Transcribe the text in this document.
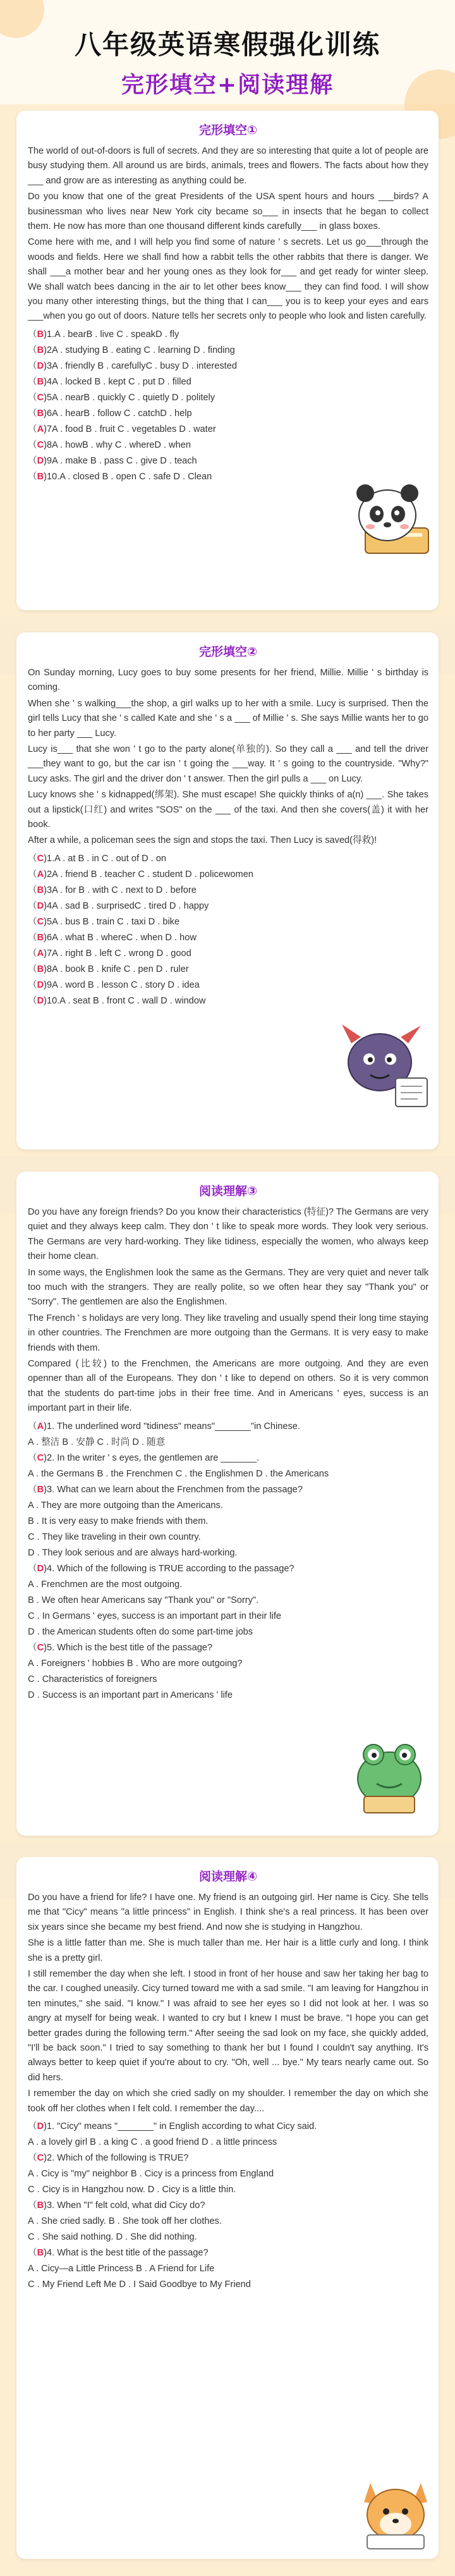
八年级英语寒假强化训练
完形填空+阅读理解
完形填空①

The world of out-of-doors is full of secrets. And they are so interesting that quite a lot of people are busy studying them. All around us are birds, animals, trees and flowers. The facts about how they ___ and grow are as interesting as anything could be.

Do you know that one of the great Presidents of the USA spent hours and hours ___birds? A businessman who lives near New York city became so___ in insects that he began to collect them. He now has more than one thousand different kinds carefully___ in glass boxes.

Come here with me, and I will help you find some of nature ' s secrets. Let us go___through the woods and fields. Here we shall find how a rabbit tells the other rabbits that there is danger. We shall ___a mother bear and her young ones as they look for___ and get ready for winter sleep. We shall watch bees dancing in the air to let other bees know___ they can find food. I will show you many other interesting things, but the thing that I can___ you is to keep your eyes and ears ___when you go out of doors. Nature tells her secrets only to people who look and listen carefully.

（B)1.A . bearB . live C . speakD . fly
（B)2A . studying B . eating C . learning D . finding
（D)3A . friendly B . carefullyC . busy D . interested
（B)4A . locked B . kept C . put D . filled
（C)5A . nearB . quickly C . quietly D . politely
（B)6A . hearB . follow C . catchD . help
（A)7A . food B . fruit C . vegetables D . water
（C)8A . howB . why C . whereD . when
（D)9A . make B . pass C . give D . teach
（B)10.A . closed B . open C . safe D . Clean
完形填空②

On Sunday morning, Lucy goes to buy some presents for her friend, Millie. Millie ' s birthday is coming.

When she ' s walking___the shop, a girl walks up to her with a smile. Lucy is surprised. Then the girl tells Lucy that she ' s called Kate and she ' s a ___ of Millie ' s. She says Millie wants her to go to her party ___ Lucy.

Lucy is___ that she won ' t go to the party alone(单独的). So they call a ___ and tell the driver ___they want to go, but the car isn ' t going the ___way. It ' s going to the countryside. "Why?" Lucy asks. The girl and the driver don ' t answer. Then the girl pulls a ___ on Lucy.

Lucy knows she ' s kidnapped(绑架). She must escape! She quickly thinks of a(n) ___. She takes out a lipstick(口红) and writes "SOS" on the ___ of the taxi. And then she covers(盖) it with her book.

After a while, a policeman sees the sign and stops the taxi. Then Lucy is saved(得救)!

（C)1.A . at B . in C . out of D . on
（A)2A . friend B . teacher C . student D . policewomen
（B)3A . for B . with C . next to D . before
（D)4A . sad B . surprisedC . tired D . happy
（C)5A . bus B . train C . taxi D . bike
（B)6A . what B . whereC . when D . how
（A)7A . right B . left C . wrong D . good
（B)8A . book B . knife C . pen D . ruler
（D)9A . word B . lesson C . story D . idea
（D)10.A . seat B . front C . wall D . window
阅读理解③

Do you have any foreign friends? Do you know their characteristics (特征)? The Germans are very quiet and they always keep calm. They don ' t like to speak more words. They look very serious. The Germans are very hard-working. They like tidiness, especially the women, who always keep their home clean.

In some ways, the Englishmen look the same as the Germans. They are very quiet and never talk too much with the strangers. They are really polite, so we often hear they say "Thank you" or "Sorry". The gentlemen are also the Englishmen.

The French ' s holidays are very long. They like traveling and usually spend their long time staying in other countries. The Frenchmen are more outgoing than the Germans. It is very easy to make friends with them.

Compared (比较) to the Frenchmen, the Americans are more outgoing. And they are even openner than all of the Europeans. They don ' t like to depend on others. So it is very common that the students do part-time jobs in their free time. And in Americans ' eyes, success is an important part in their life.

（A)1. The underlined word "tidiness" means"_______"in Chinese.
A . 整洁 B . 安静 C . 时尚 D . 随意
（C)2. In the writer ' s eyes, the gentlemen are _______.
A . the Germans B . the Frenchmen C . the Englishmen D . the Americans
（B)3. What can we learn about the Frenchmen from the passage?
A . They are more outgoing than the Americans.
B . It is very easy to make friends with them.
C . They like traveling in their own country.
D . They look serious and are always hard-working.
（D)4. Which of the following is TRUE according to the passage?
A . Frenchmen are the most outgoing.
B . We often hear Americans say "Thank you" or "Sorry".
C . In Germans ' eyes, success is an important part in their life
D . the American students often do some part-time jobs
（C)5. Which is the best title of the passage?
A . Foreigners ' hobbies B . Who are more outgoing?
C . Characteristics of foreigners
D . Success is an important part in Americans ' life
阅读理解④

Do you have a friend for life? I have one. My friend is an outgoing girl. Her name is Cicy. She tells me that "Cicy" means "a little princess" in English. I think she's a real princess. It has been over six years since she became my best friend. And now she is studying in Hangzhou.

She is a little fatter than me. She is much taller than me. Her hair is a little curly and long. I think she is a pretty girl.

I still remember the day when she left. I stood in front of her house and saw her taking her bag to the car. I coughed uneasily. Cicy turned toward me with a sad smile. "I am leaving for Hangzhou in ten minutes," she said. "I know." I was afraid to see her eyes so I did not look at her. I was so angry at myself for being weak. I wanted to cry but I knew I must be brave. "I hope you can get better grades during the following term." After seeing the sad look on my face, she quickly added, "I'll be back soon." I tried to say something to thank her but I found I couldn't say anything. It's always better to keep quiet if you're about to cry. "Oh, well ... bye." My tears nearly came out. So did hers.

I remember the day on which she cried sadly on my shoulder. I remember the day on which she took off her clothes when I felt cold. I remember the day....

（D)1. "Cicy" means "_______" in English according to what Cicy said.
A . a lovely girl B . a king C . a good friend D . a little princess
（C)2. Which of the following is TRUE?
A . Cicy is "my" neighbor B . Cicy is a princess from England
C . Cicy is in Hangzhou now. D . Cicy is a little thin.
（B)3. When "I" felt cold, what did Cicy do?
A . She cried sadly. B . She took off her clothes.
C . She said nothing. D . She did nothing.
（B)4. What is the best title of the passage?
A . Cicy—a Little Princess B . A Friend for Life
C . My Friend Left Me D . I Said Goodbye to My Friend
